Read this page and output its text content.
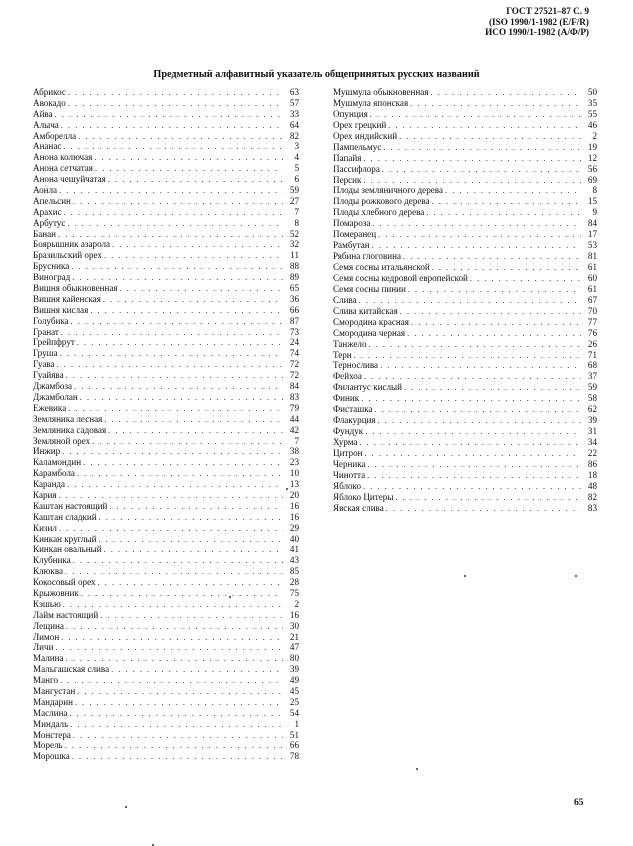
ГОСТ 27521–87 С. 9
(ISO 1990/1-1982 (E/F/R)
ИСО 1990/1-1982 (А/Ф/Р)
Предметный алфавитный указатель общепринятых русских названий
Абрикос . . .	63
Авокадо . . .	57
Айва . . .	33
Алыча . . .	64
Амборелла . . .	82
Ананас . . .	3
Анона колючая . . .	4
Анона сетчатая . . .	5
Анона чешуйчатая . . .	6
Аонла . . .	59
Апельсин . . .	27
Арахис . . .	7
Арбутус . . .	8
Банан . . .	52
Боярышник азарола . . .	32
Бразильский орех . . .	11
Брусника . . .	88
Виноград . . .	89
Вишня обыкновенная . . .	65
Вишня кайенская . . .	36
Вишня кислая . . .	66
Голубика . . .	87
Гранат . . .	73
Грейпфрут . . .	24
Груша . . .	74
Гуава . . .	72
Гуайява . . .	72
Джамбоза . . .	84
Джамболан . . .	83
Ежевика . . .	79
Земляника лесная . . .	44
Земляника садовая . . .	42
Земляной орех . . .	7
Инжир . . .	38
Каламондин . . .	23
Карамбола . . .	10
Каранда . . .	13
Кария . . .	20
Каштан настоящий . . .	16
Каштан сладкий . . .	16
Кизил . . .	29
Кинкан круглый . . .	40
Кинкан овальный . . .	41
Клубника . . .	43
Клюква . . .	85
Кокосовый орех . . .	28
Крыжовник . . .	75
Кэшью . . .	2
Лайм настоящий . . .	16
Лещина . . .	30
Лимон . . .	21
Личи . . .	47
Малина . . .	80
Мальгашская слива . . .	39
Манго . . .	49
Мангустан . . .	45
Мандарин . . .	25
Маслина . . .	54
Миндаль . . .	1
Монстера . . .	51
Морель . . .	66
Морошка . . .	78
Мушмула обыкновенная . . .	50
Мушмула японская . . .	35
Опунция . . .	55
Орех грецкий . . .	46
Орех индийский . . .	2
Пампельмус . . .	19
Папайя . . .	12
Пассифлора . . .	56
Персик . . .	69
Плоды земляничного дерева . . .	8
Плоды рожкового дерева . . .	15
Плоды хлебного дерева . . .	9
Помароза . . .	84
Померанец . . .	17
Рамбутан . . .	53
Рябина глоговина . . .	81
Семя сосны итальянской . . .	61
Семя сосны кедровой европейской . . .	60
Семя сосны пинии . . .	61
Слива . . .	67
Слива китайская . . .	70
Смородина красная . . .	77
Смородина черная . . .	76
Танжело . . .	26
Терн . . .	71
Тернослива . . .	68
Фейхоа . . .	37
Филантус кислый . . .	59
Финик . . .	58
Фисташка . . .	62
Флакурция . . .	39
Фундук . . .	31
Хурма . . .	34
Цитрон . . .	22
Черника . . .	86
Чинотта . . .	18
Яблоко . . .	48
Яблоко Цитеры . . .	82
Явская слива . . .	83
65
